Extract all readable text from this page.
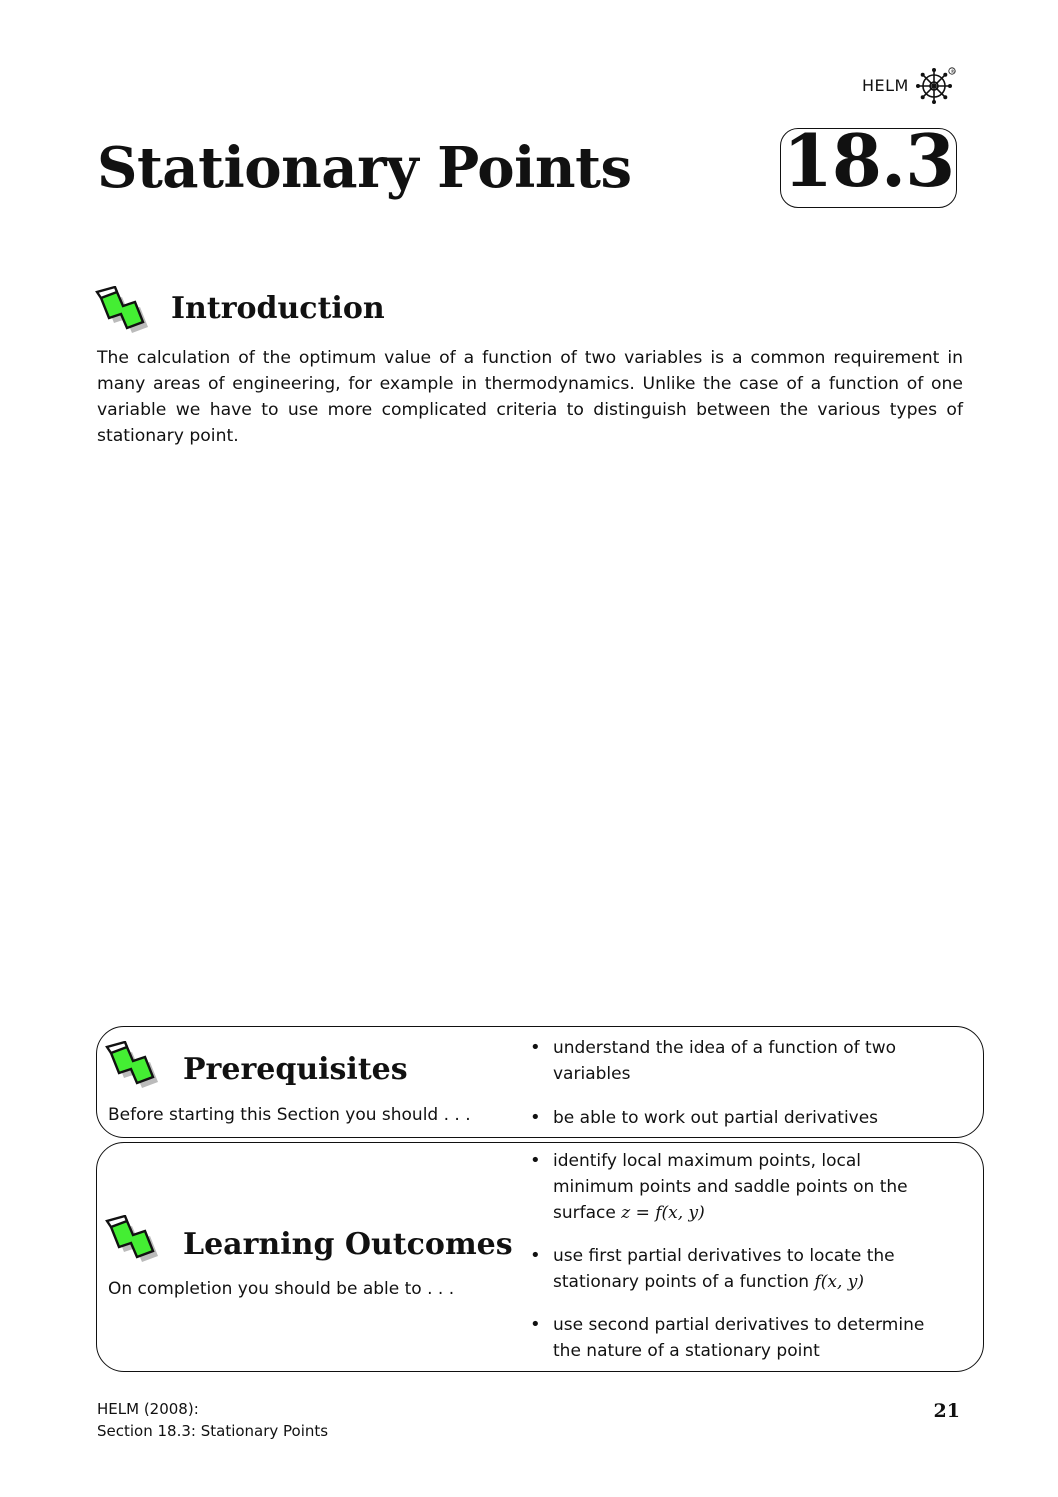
HELM
®
Stationary Points 18.3
Introduction
The calculation of the optimum value of a function of two variables is a common requirement in many areas of engineering, for example in thermodynamics. Unlike the case of a function of one variable we have to use more complicated criteria to distinguish between the various types of stationary point.
Prerequisites
Before starting this Section you should . . .
• understand the idea of a function of two variables
• be able to work out partial derivatives
Learning Outcomes
On completion you should be able to . . .
• identify local maximum points, local minimum points and saddle points on the surface z = f(x, y)
• use first partial derivatives to locate the stationary points of a function f(x, y)
• use second partial derivatives to determine the nature of a stationary point
HELM (2008):
Section 18.3: Stationary Points
21
